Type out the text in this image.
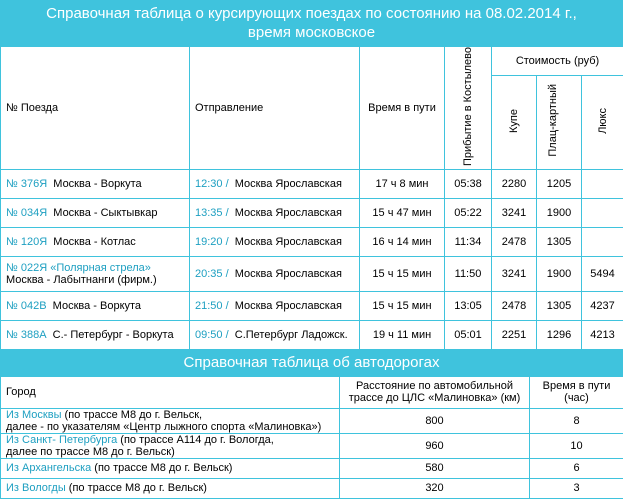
Справочная таблица о курсирующих поездах по состоянию на 08.02.2014 г.,
время московское
№ Поезда	Отправление	Время в пути	Прибытие в Костылево	Стоимость (руб)		
				Купе	Плац-картный	Люкс
№ 376Я Москва - Воркута	12:30 / Москва Ярославская	17 ч 8 мин	05:38	2280	1205	
№ 034Я Москва - Сыктывкар	13:35 / Москва Ярославская	15 ч 47 мин	05:22	3241	1900	
№ 120Я Москва - Котлас	19:20 / Москва Ярославская	16 ч 14 мин	11:34	2478	1305	

№ 022Я «Полярная стрела»
Москва - Лабытнанги (фирм.)	20:35 / Москва Ярославская	15 ч 15 мин	11:50	3241	1900	5494
№ 042В Москва - Воркута	21:50 / Москва Ярославская	15 ч 15 мин	13:05	2478	1305	4237
№ 388А С.- Петербург - Воркута	09:50 / С.Петербург Ладожск.	19 ч 11 мин	05:01	2251	1296	4213
Справочная таблица об автодорогах
Город	Расстояние по автомобильной трассе до ЦЛС «Малиновка» (км)	Время в пути (час)

Из Москвы (по трассе М8 до г. Вельск,
далее - по указателям «Центр лыжного спорта «Малиновка»)	800	8

Из Санкт- Петербурга (по трассе А114 до г. Вологда,
далее по трассе М8 до г. Вельск)	960	10
Из Архангельска (по трассе М8 до г. Вельск)	580	6
Из Вологды (по трассе М8 до г. Вельск)	320	3
